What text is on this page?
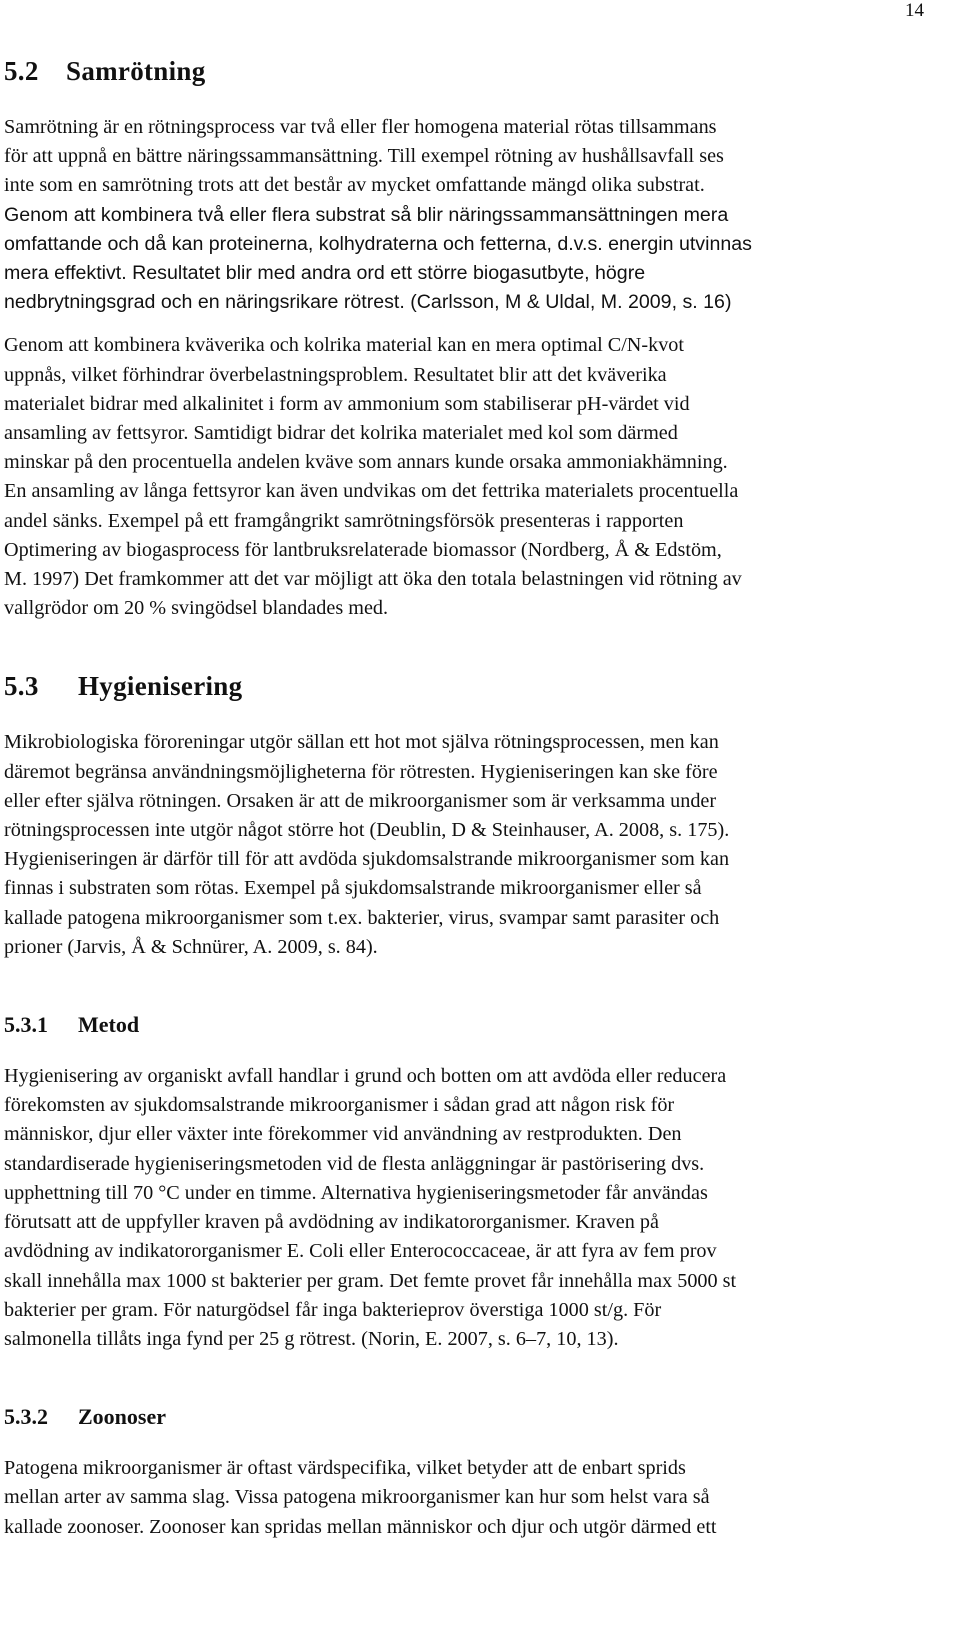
14
5.2	Samrötning

Samrötning är en rötningsprocess var två eller fler homogena material rötas tillsammans
för att uppnå en bättre näringssammansättning. Till exempel rötning av hushållsavfall ses
inte som en samrötning trots att det består av mycket omfattande mängd olika substrat.
Genom att kombinera två eller flera substrat så blir näringssammansättningen mera
omfattande och då kan proteinerna, kolhydraterna och fetterna, d.v.s. energin utvinnas
mera effektivt. Resultatet blir med andra ord ett större biogasutbyte, högre
nedbrytningsgrad och en näringsrikare rötrest. (Carlsson, M & Uldal, M. 2009, s. 16)

Genom att kombinera kväverika och kolrika material kan en mera optimal C/N-kvot
uppnås, vilket förhindrar överbelastningsproblem. Resultatet blir att det kväverika
materialet bidrar med alkalinitet i form av ammonium som stabiliserar pH-värdet vid
ansamling av fettsyror. Samtidigt bidrar det kolrika materialet med kol som därmed
minskar på den procentuella andelen kväve som annars kunde orsaka ammoniakhämning.
En ansamling av långa fettsyror kan även undvikas om det fettrika materialets procentuella
andel sänks. Exempel på ett framgångrikt samrötningsförsök presenteras i rapporten
Optimering av biogasprocess för lantbruksrelaterade biomassor (Nordberg, Å & Edstöm,
M. 1997) Det framkommer att det var möjligt att öka den totala belastningen vid rötning av
vallgrödor om 20 % svingödsel blandades med.

5.3	Hygienisering

Mikrobiologiska föroreningar utgör sällan ett hot mot själva rötningsprocessen, men kan
däremot begränsa användningsmöjligheterna för rötresten. Hygieniseringen kan ske före
eller efter själva rötningen. Orsaken är att de mikroorganismer som är verksamma under
rötningsprocessen inte utgör något större hot (Deublin, D & Steinhauser, A. 2008, s. 175).
Hygieniseringen är därför till för att avdöda sjukdomsalstrande mikroorganismer som kan
finnas i substraten som rötas. Exempel på sjukdomsalstrande mikroorganismer eller så
kallade patogena mikroorganismer som t.ex. bakterier, virus, svampar samt parasiter och
prioner (Jarvis, Å & Schnürer, A. 2009, s. 84).

5.3.1	Metod

Hygienisering av organiskt avfall handlar i grund och botten om att avdöda eller reducera
förekomsten av sjukdomsalstrande mikroorganismer i sådan grad att någon risk för
människor, djur eller växter inte förekommer vid användning av restprodukten. Den
standardiserade hygieniseringsmetoden vid de flesta anläggningar är pastörisering dvs.
upphettning till 70 °C under en timme. Alternativa hygieniseringsmetoder får användas
förutsatt att de uppfyller kraven på avdödning av indikatororganismer. Kraven på
avdödning av indikatororganismer E. Coli eller Enterococcaceae, är att fyra av fem prov
skall innehålla max 1000 st bakterier per gram. Det femte provet får innehålla max 5000 st
bakterier per gram. För naturgödsel får inga bakterieprov överstiga 1000 st/g. För
salmonella tillåts inga fynd per 25 g rötrest. (Norin, E. 2007, s. 6–7, 10, 13).

5.3.2	Zoonoser

Patogena mikroorganismer är oftast värdspecifika, vilket betyder att de enbart sprids
mellan arter av samma slag. Vissa patogena mikroorganismer kan hur som helst vara så
kallade zoonoser. Zoonoser kan spridas mellan människor och djur och utgör därmed ett
